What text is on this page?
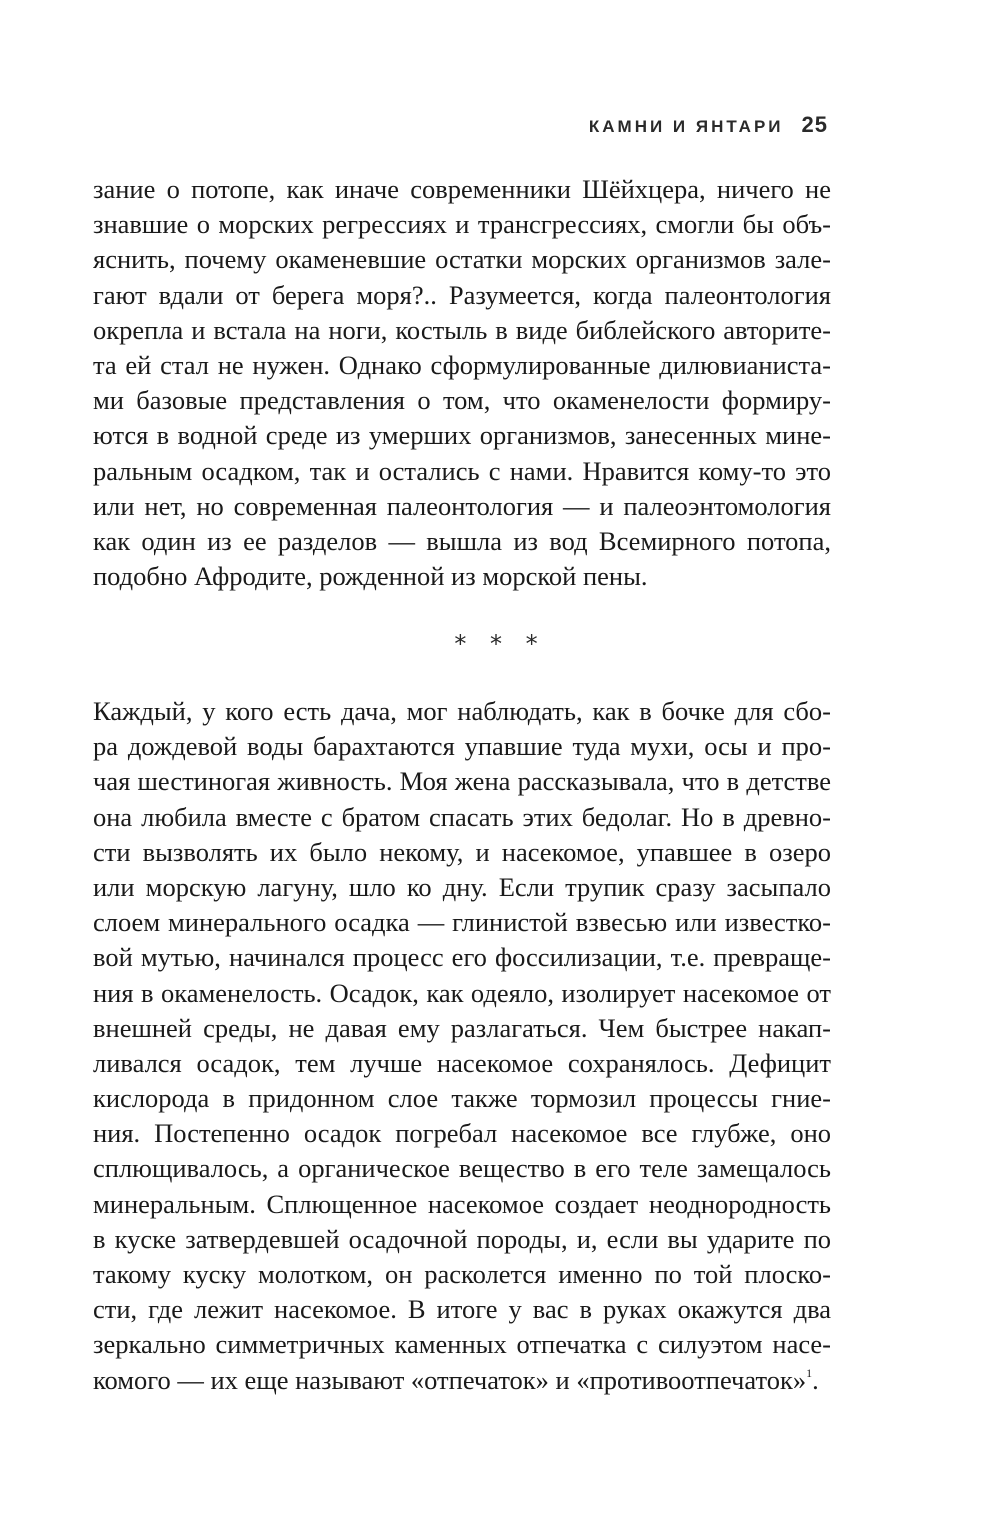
КАМНИ И ЯНТАРИ 25
зание о потопе, как иначе современники Шёйхцера, ничего не
знавшие о морских регрессиях и трансгрессиях, смогли бы объ-
яснить, почему окаменевшие остатки морских организмов зале-
гают вдали от берега моря?.. Разумеется, когда палеонтология
окрепла и встала на ноги, костыль в виде библейского авторите-
та ей стал не нужен. Однако сформулированные дилювианиста-
ми базовые представления о том, что окаменелости формиру-
ются в водной среде из умерших организмов, занесенных мине-
ральным осадком, так и остались с нами. Нравится кому-то это
или нет, но современная палеонтология — и палеоэнтомология
как один из ее разделов — вышла из вод Всемирного потопа,
подобно Афродите, рожденной из морской пены.
* * *
Каждый, у кого есть дача, мог наблюдать, как в бочке для сбо-
ра дождевой воды барахтаются упавшие туда мухи, осы и про-
чая шестиногая живность. Моя жена рассказывала, что в детстве
она любила вместе с братом спасать этих бедолаг. Но в древно-
сти вызволять их было некому, и насекомое, упавшее в озеро
или морскую лагуну, шло ко дну. Если трупик сразу засыпало
слоем минерального осадка — глинистой взвесью или известко-
вой мутью, начинался процесс его фоссилизации, т.е. превраще-
ния в окаменелость. Осадок, как одеяло, изолирует насекомое от
внешней среды, не давая ему разлагаться. Чем быстрее накап-
ливался осадок, тем лучше насекомое сохранялось. Дефицит
кислорода в придонном слое также тормозил процессы гние-
ния. Постепенно осадок погребал насекомое все глубже, оно
сплющивалось, а органическое вещество в его теле замещалось
минеральным. Сплющенное насекомое создает неоднородность
в куске затвердевшей осадочной породы, и, если вы ударите по
такому куску молотком, он расколется именно по той плоско-
сти, где лежит насекомое. В итоге у вас в руках окажутся два
зеркально симметричных каменных отпечатка с силуэтом насе-
комого — их еще называют «отпечаток» и «противоотпечаток»$^1$.
